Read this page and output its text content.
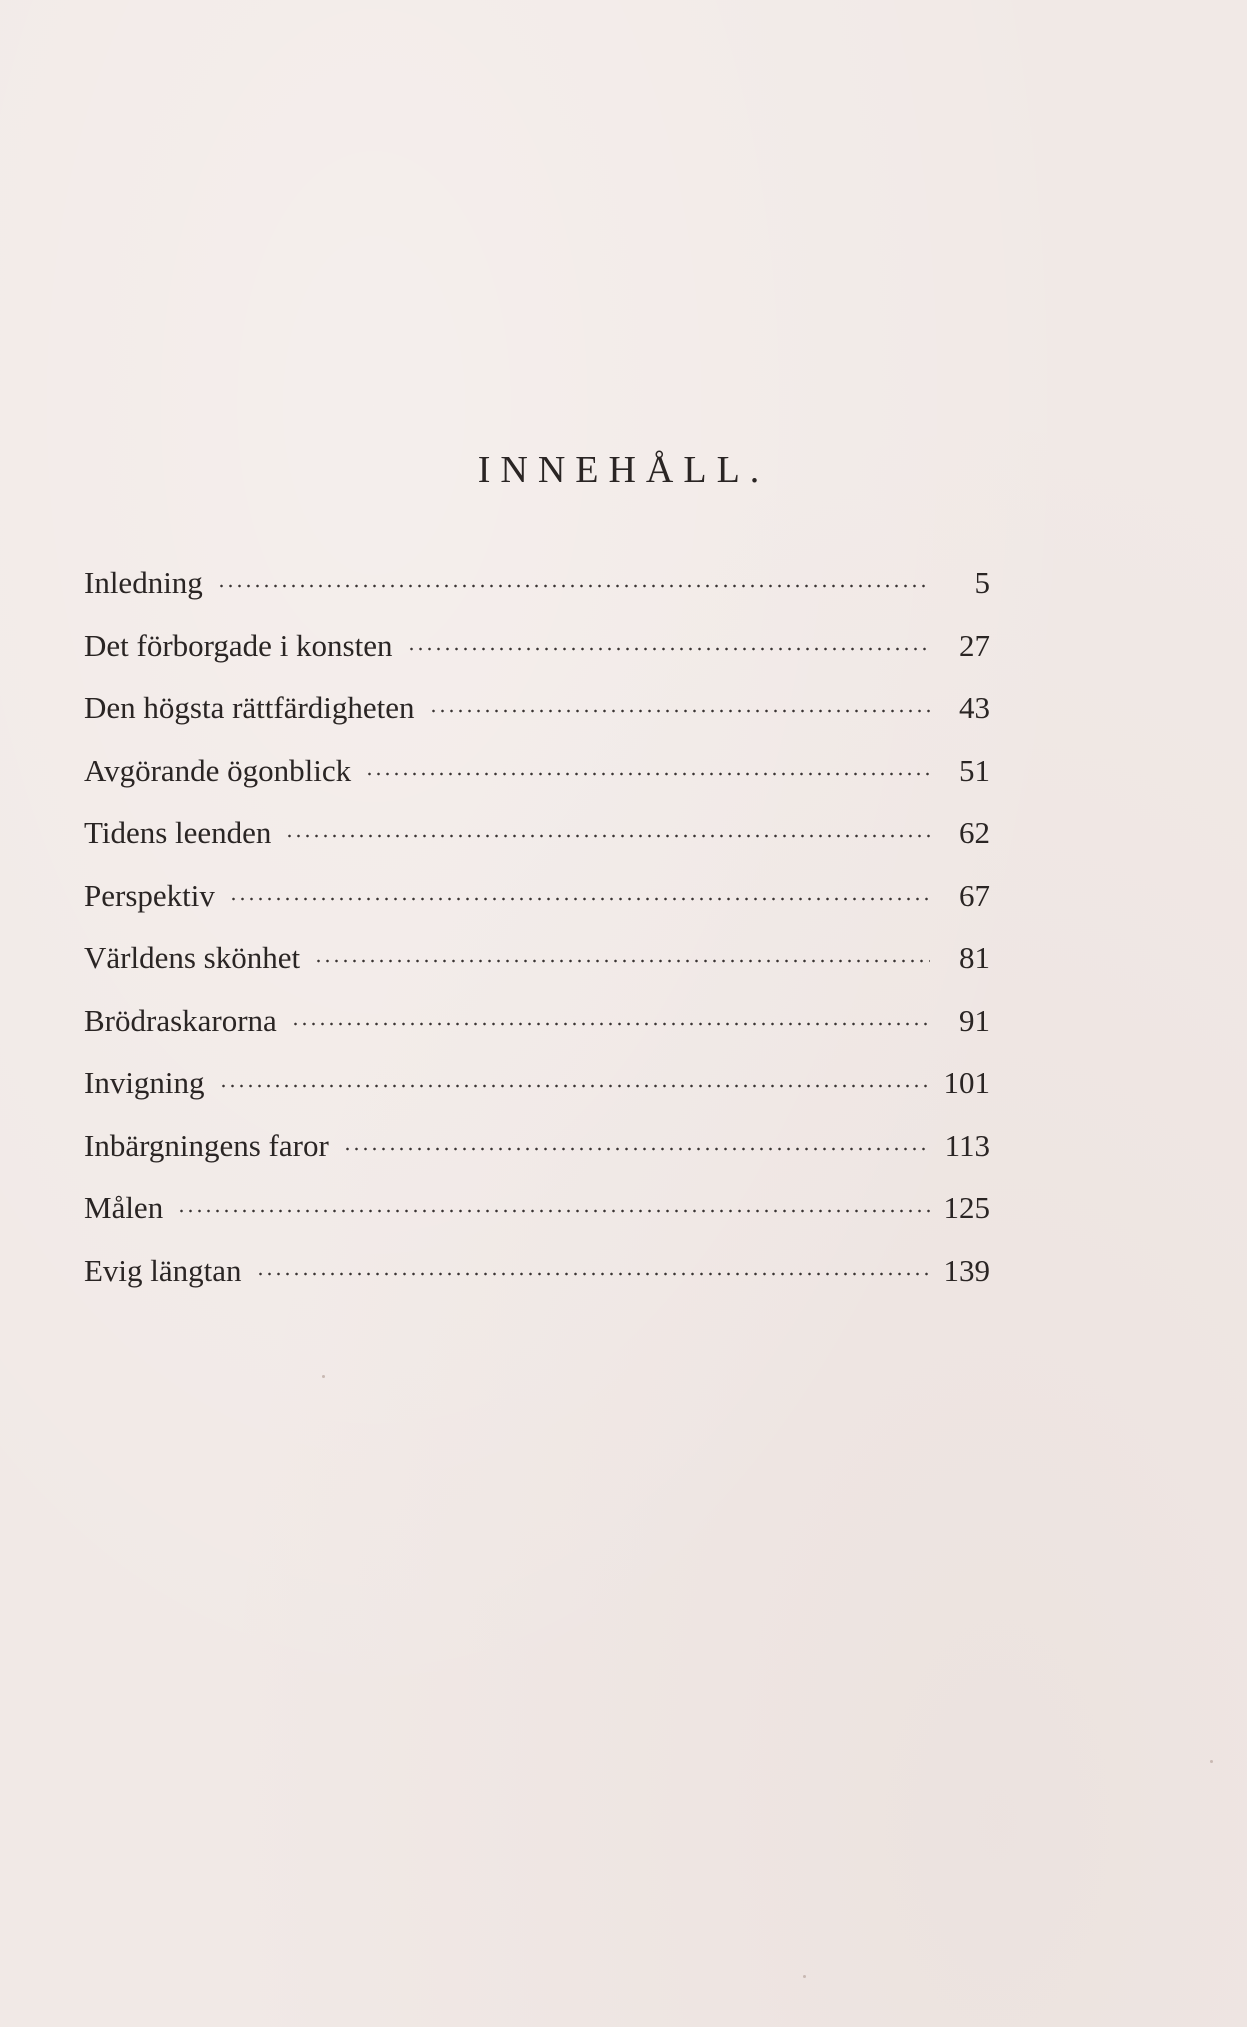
INNEHÅLL.
Inledning	5
Det förborgade i konsten	27
Den högsta rättfärdigheten	43
Avgörande ögonblick	51
Tidens leenden	62
Perspektiv	67
Världens skönhet	81
Brödraskarorna	91
Invigning	101
Inbärgningens faror	113
Målen	125
Evig längtan	139
